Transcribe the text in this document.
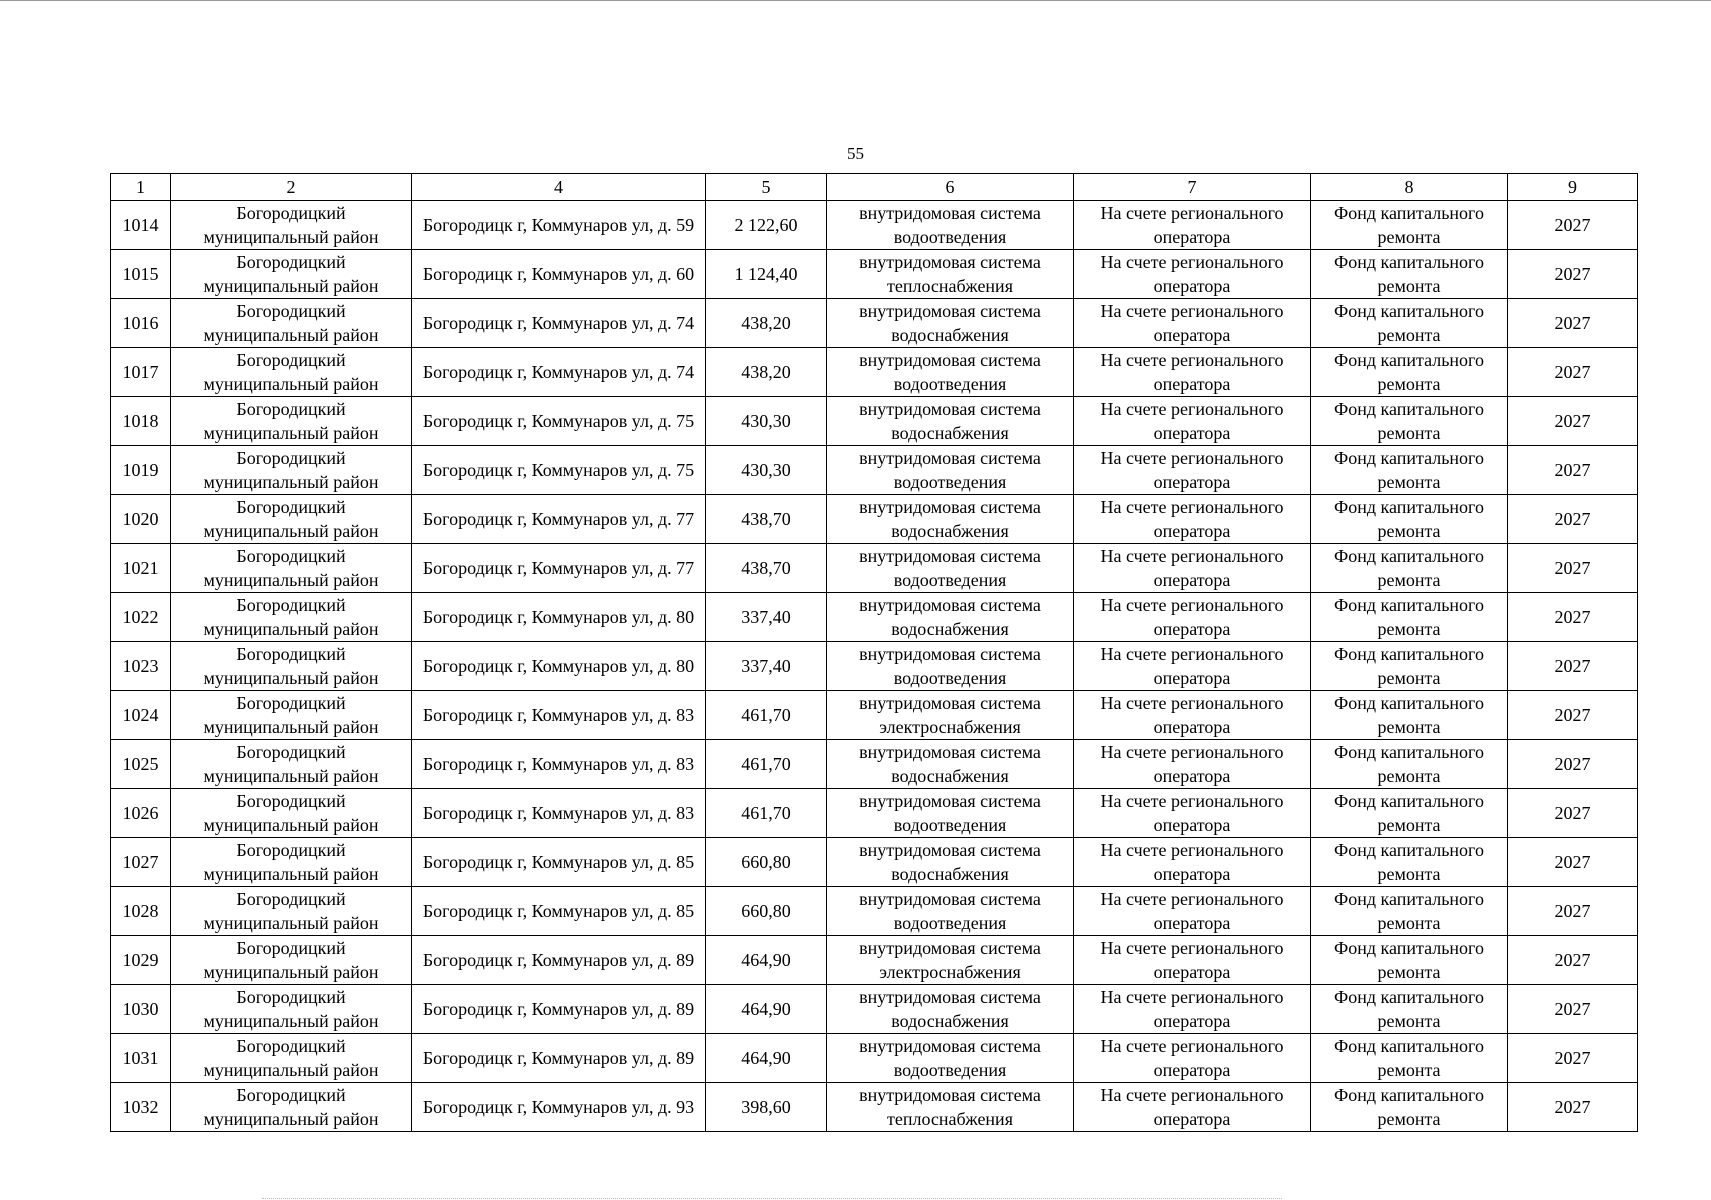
55
1	2	4	5	6	7	8	9
1014	Богородицкий муниципальный район	Богородицк г, Коммунаров ул, д. 59	2 122,60	внутридомовая система водоотведения	На счете регионального оператора	Фонд капитального ремонта	2027
1015	Богородицкий муниципальный район	Богородицк г, Коммунаров ул, д. 60	1 124,40	внутридомовая система теплоснабжения	На счете регионального оператора	Фонд капитального ремонта	2027
1016	Богородицкий муниципальный район	Богородицк г, Коммунаров ул, д. 74	438,20	внутридомовая система водоснабжения	На счете регионального оператора	Фонд капитального ремонта	2027
1017	Богородицкий муниципальный район	Богородицк г, Коммунаров ул, д. 74	438,20	внутридомовая система водоотведения	На счете регионального оператора	Фонд капитального ремонта	2027
1018	Богородицкий муниципальный район	Богородицк г, Коммунаров ул, д. 75	430,30	внутридомовая система водоснабжения	На счете регионального оператора	Фонд капитального ремонта	2027
1019	Богородицкий муниципальный район	Богородицк г, Коммунаров ул, д. 75	430,30	внутридомовая система водоотведения	На счете регионального оператора	Фонд капитального ремонта	2027
1020	Богородицкий муниципальный район	Богородицк г, Коммунаров ул, д. 77	438,70	внутридомовая система водоснабжения	На счете регионального оператора	Фонд капитального ремонта	2027
1021	Богородицкий муниципальный район	Богородицк г, Коммунаров ул, д. 77	438,70	внутридомовая система водоотведения	На счете регионального оператора	Фонд капитального ремонта	2027
1022	Богородицкий муниципальный район	Богородицк г, Коммунаров ул, д. 80	337,40	внутридомовая система водоснабжения	На счете регионального оператора	Фонд капитального ремонта	2027
1023	Богородицкий муниципальный район	Богородицк г, Коммунаров ул, д. 80	337,40	внутридомовая система водоотведения	На счете регионального оператора	Фонд капитального ремонта	2027
1024	Богородицкий муниципальный район	Богородицк г, Коммунаров ул, д. 83	461,70	внутридомовая система электроснабжения	На счете регионального оператора	Фонд капитального ремонта	2027
1025	Богородицкий муниципальный район	Богородицк г, Коммунаров ул, д. 83	461,70	внутридомовая система водоснабжения	На счете регионального оператора	Фонд капитального ремонта	2027
1026	Богородицкий муниципальный район	Богородицк г, Коммунаров ул, д. 83	461,70	внутридомовая система водоотведения	На счете регионального оператора	Фонд капитального ремонта	2027
1027	Богородицкий муниципальный район	Богородицк г, Коммунаров ул, д. 85	660,80	внутридомовая система водоснабжения	На счете регионального оператора	Фонд капитального ремонта	2027
1028	Богородицкий муниципальный район	Богородицк г, Коммунаров ул, д. 85	660,80	внутридомовая система водоотведения	На счете регионального оператора	Фонд капитального ремонта	2027
1029	Богородицкий муниципальный район	Богородицк г, Коммунаров ул, д. 89	464,90	внутридомовая система электроснабжения	На счете регионального оператора	Фонд капитального ремонта	2027
1030	Богородицкий муниципальный район	Богородицк г, Коммунаров ул, д. 89	464,90	внутридомовая система водоснабжения	На счете регионального оператора	Фонд капитального ремонта	2027
1031	Богородицкий муниципальный район	Богородицк г, Коммунаров ул, д. 89	464,90	внутридомовая система водоотведения	На счете регионального оператора	Фонд капитального ремонта	2027
1032	Богородицкий муниципальный район	Богородицк г, Коммунаров ул, д. 93	398,60	внутридомовая система теплоснабжения	На счете регионального оператора	Фонд капитального ремонта	2027
